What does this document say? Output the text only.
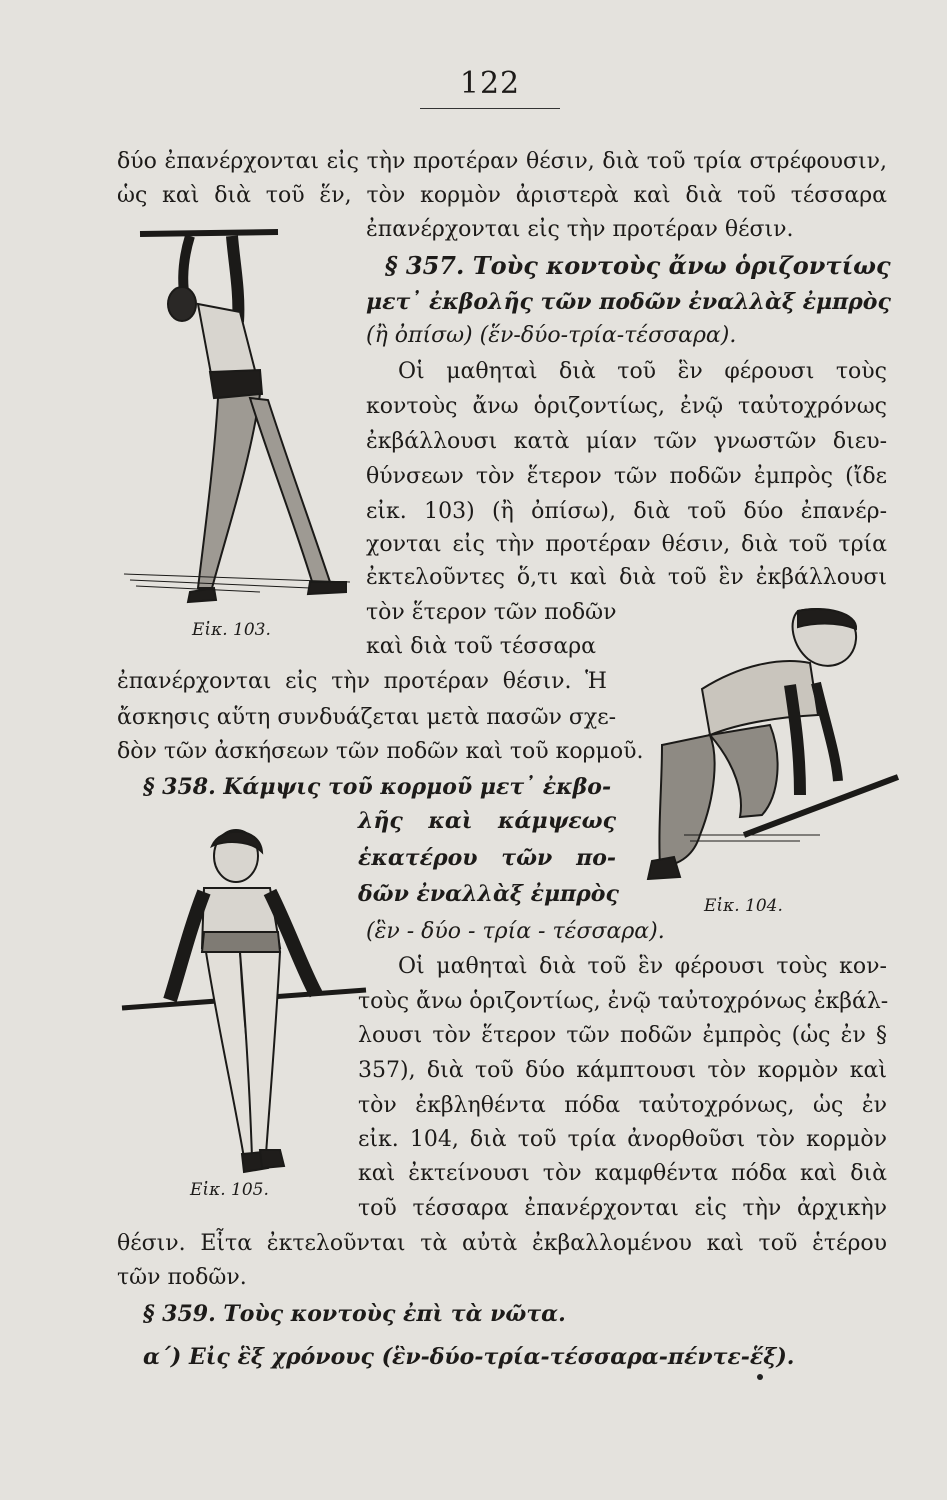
122
δύο ἐπανέρχονται εἰς τὴν προτέραν θέσιν, διὰ τοῦ τρία στρέφουσιν,
ὡς καὶ διὰ τοῦ ἕν, τὸν κορμὸν ἀριστερὰ καὶ διὰ τοῦ τέσσαρα
ἐπανέρχονται εἰς τὴν προτέραν θέσιν.
§ 357. Τοὺς κοντοὺς ἄνω ὁριζοντίως
μετ᾿ ἐκβολῆς τῶν ποδῶν ἐναλλὰξ ἐμπρὸς
(ἢ ὀπίσω) (ἕν-δύο-τρία-τέσσαρα).
Οἱ μαθηταὶ διὰ τοῦ ἓν φέρουσι τοὺς
κοντοὺς ἄνω ὁριζοντίως, ἐνῷ ταὐτοχρόνως
ἐκβάλλουσι κατὰ μίαν τῶν γνωστῶν διευ-
θύνσεων τὸν ἕτερον τῶν ποδῶν ἐμπρὸς (ἴδε
εἰκ. 103) (ἢ ὀπίσω), διὰ τοῦ δύο ἐπανέρ-
χονται εἰς τὴν προτέραν θέσιν, διὰ τοῦ τρία
ἐκτελοῦντες ὅ,τι καὶ διὰ τοῦ ἓν ἐκβάλλουσι
τὸν ἕτερον τῶν ποδῶν
καὶ διὰ τοῦ τέσσαρα
ἐπανέρχονται εἰς τὴν προτέραν θέσιν. Ἡ
ἄσκησις αὕτη συνδυάζεται μετὰ πασῶν σχε-
δὸν τῶν ἀσκήσεων τῶν ποδῶν καὶ τοῦ κορμοῦ.
§ 358. Κάμψις τοῦ κορμοῦ μετ᾿ ἐκβο-
λῆς καὶ κάμψεως
ἑκατέρου τῶν πο-
δῶν ἐναλλὰξ ἐμπρὸς
(ἓν - δύο - τρία - τέσσαρα).
Οἱ μαθηταὶ διὰ τοῦ ἓν φέρουσι τοὺς κον-
τοὺς ἄνω ὁριζοντίως, ἐνῷ ταὐτοχρόνως ἐκβάλ-
λουσι τὸν ἕτερον τῶν ποδῶν ἐμπρὸς (ὡς ἐν §
357), διὰ τοῦ δύο κάμπτουσι τὸν κορμὸν καὶ
τὸν ἐκβληθέντα πόδα ταὐτοχρόνως, ὡς ἐν
εἰκ. 104, διὰ τοῦ τρία ἀνορθοῦσι τὸν κορμὸν
καὶ ἐκτείνουσι τὸν καμφθέντα πόδα καὶ διὰ
τοῦ τέσσαρα ἐπανέρχονται εἰς τὴν ἀρχικὴν
θέσιν. Εἶτα ἐκτελοῦνται τὰ αὐτὰ ἐκβαλλομένου καὶ τοῦ ἑτέρου
τῶν ποδῶν.
§ 359. Τοὺς κοντοὺς ἐπὶ τὰ νῶτα.
α΄) Εἰς ἓξ χρόνους (ἓν-δύο-τρία-τέσσαρα-πέντε-ἕξ).
Εἰκ. 103.
Εἰκ. 104.
Εἰκ. 105.
